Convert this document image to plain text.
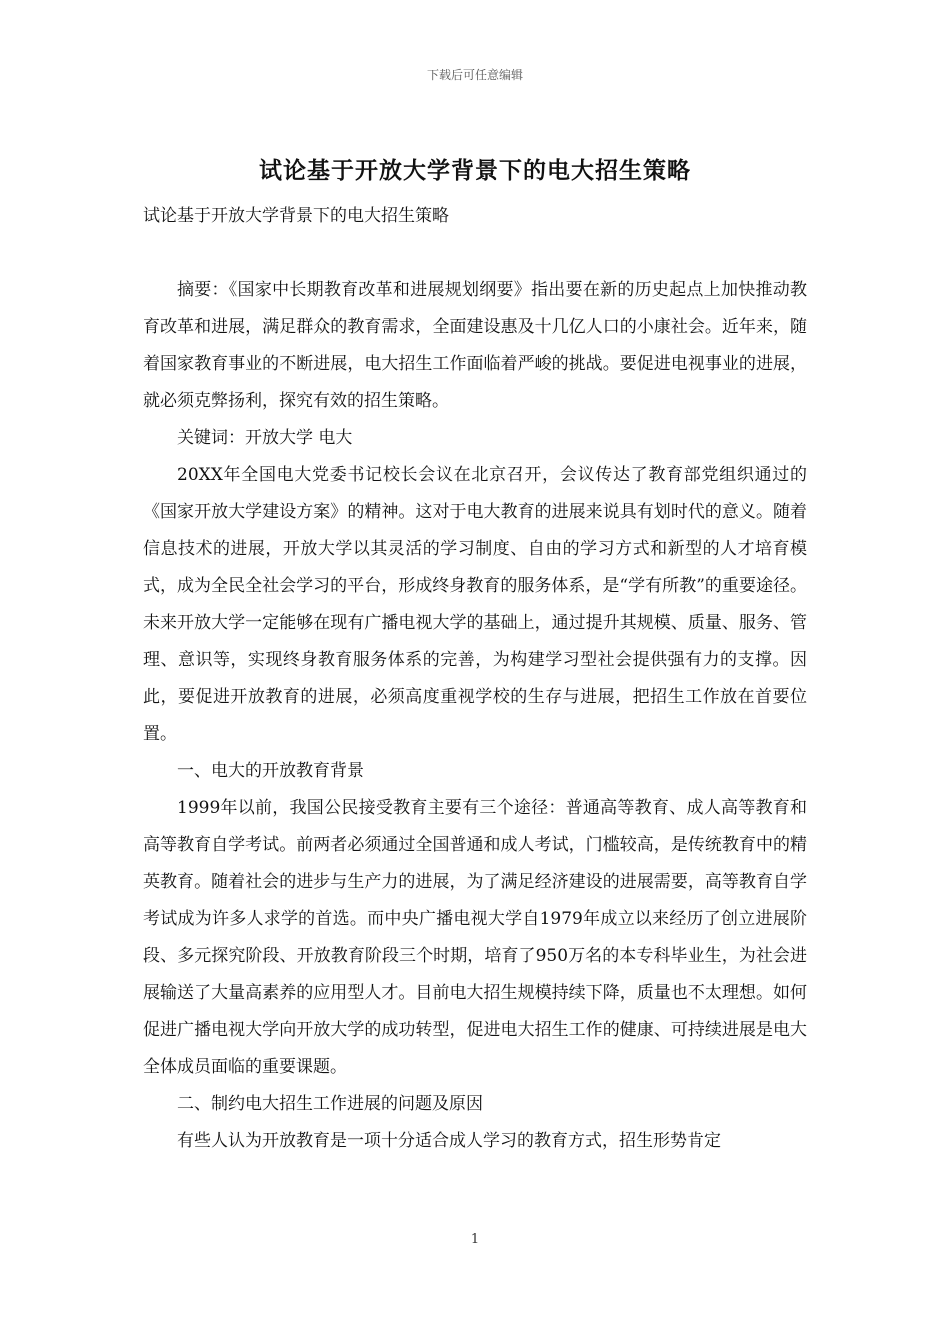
下载后可任意编辑
试论基于开放大学背景下的电大招生策略

试论基于开放大学背景下的电大招生策略

摘要：《国家中长期教育改革和进展规划纲要》指出要在新的历史起点上加快推动教育改革和进展，满足群众的教育需求，全面建设惠及十几亿人口的小康社会。近年来，随着国家教育事业的不断进展，电大招生工作面临着严峻的挑战。要促进电视事业的进展，就必须克弊扬利，探究有效的招生策略。

关键词：开放大学 电大

20XX年全国电大党委书记校长会议在北京召开，会议传达了教育部党组织通过的《国家开放大学建设方案》的精神。这对于电大教育的进展来说具有划时代的意义。随着信息技术的进展，开放大学以其灵活的学习制度、自由的学习方式和新型的人才培育模式，成为全民全社会学习的平台，形成终身教育的服务体系，是“学有所教”的重要途径。未来开放大学一定能够在现有广播电视大学的基础上，通过提升其规模、质量、服务、管理、意识等，实现终身教育服务体系的完善，为构建学习型社会提供强有力的支撑。因此，要促进开放教育的进展，必须高度重视学校的生存与进展，把招生工作放在首要位置。

一、电大的开放教育背景

1999年以前，我国公民接受教育主要有三个途径：普通高等教育、成人高等教育和高等教育自学考试。前两者必须通过全国普通和成人考试，门槛较高，是传统教育中的精英教育。随着社会的进步与生产力的进展，为了满足经济建设的进展需要，高等教育自学考试成为许多人求学的首选。而中央广播电视大学自1979年成立以来经历了创立进展阶段、多元探究阶段、开放教育阶段三个时期，培育了950万名的本专科毕业生，为社会进展输送了大量高素养的应用型人才。目前电大招生规模持续下降，质量也不太理想。如何促进广播电视大学向开放大学的成功转型，促进电大招生工作的健康、可持续进展是电大全体成员面临的重要课题。

二、制约电大招生工作进展的问题及原因

有些人认为开放教育是一项十分适合成人学习的教育方式，招生形势肯定

1
